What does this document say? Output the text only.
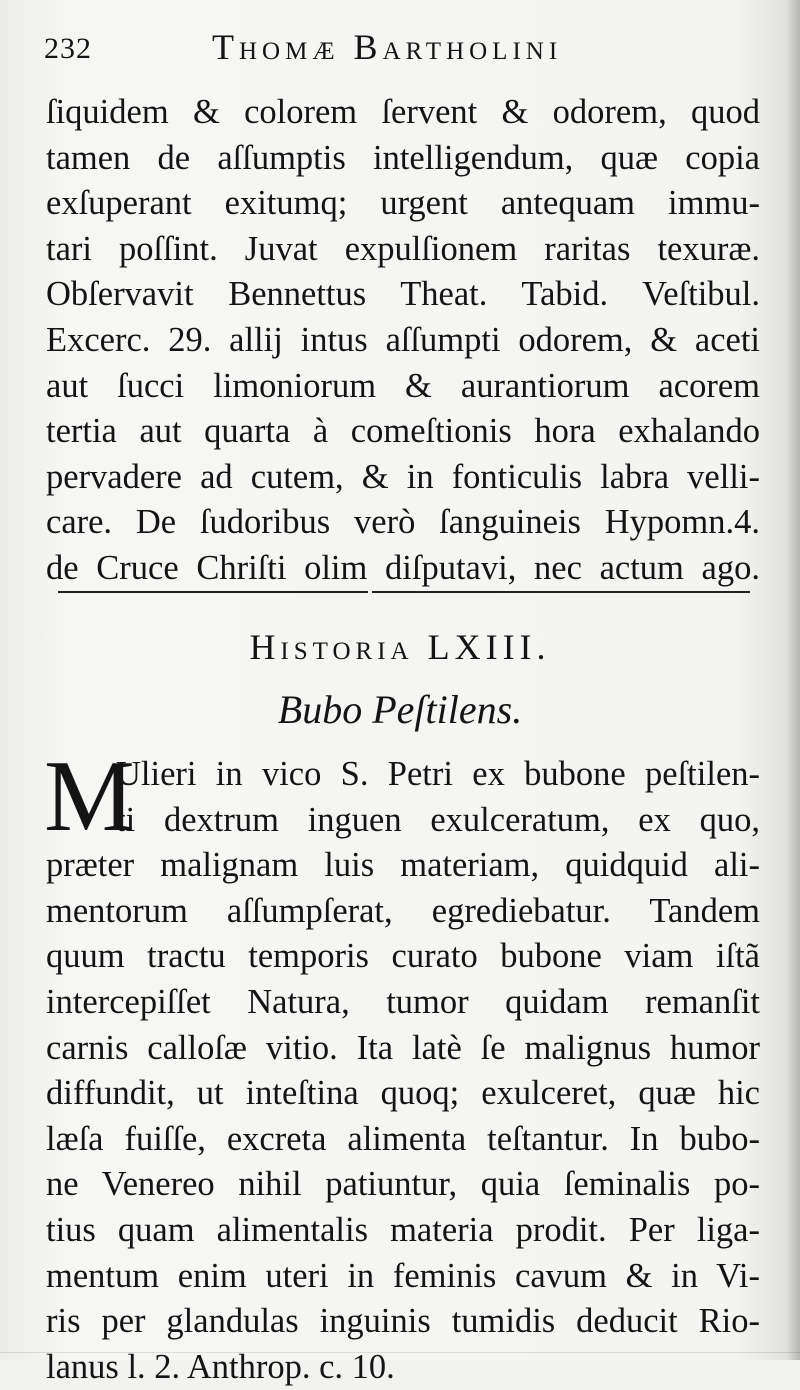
232	Thomæ Bartholini
ſiquidem & colorem ſervent & odorem, quod
tamen de aſſumptis intelligendum, quæ copia
exſuperant exitumq; urgent antequam immu-
tari poſſint. Juvat expulſionem raritas texuræ.
Obſervavit Bennettus Theat. Tabid. Veſtibul.
Excerc. 29. allij intus aſſumpti odorem, & aceti
aut ſucci limoniorum & aurantiorum acorem
tertia aut quarta à comeſtionis hora exhalando
pervadere ad cutem, & in fonticulis labra velli-
care. De ſudoribus verò ſanguineis Hypomn.4.
de Cruce Chriſti olim diſputavi, nec actum ago.
Historia LXIII.
Bubo Peſtilens.
M
Ulieri in vico S. Petri ex bubone peſtilen-
ti dextrum inguen exulceratum, ex quo,
præter malignam luis materiam, quidquid ali-
mentorum aſſumpſerat, egrediebatur. Tandem
quum tractu temporis curato bubone viam iſtã
intercepiſſet Natura, tumor quidam remanſit
carnis calloſæ vitio. Ita latè ſe malignus humor
diffundit, ut inteſtina quoq; exulceret, quæ hic
læſa fuiſſe, excreta alimenta teſtantur. In bubo-
ne Venereo nihil patiuntur, quia ſeminalis po-
tius quam alimentalis materia prodit. Per liga-
mentum enim uteri in feminis cavum & in Vi-
ris per glandulas inguinis tumidis deducit Rio-
lanus l. 2. Anthrop. c. 10.
